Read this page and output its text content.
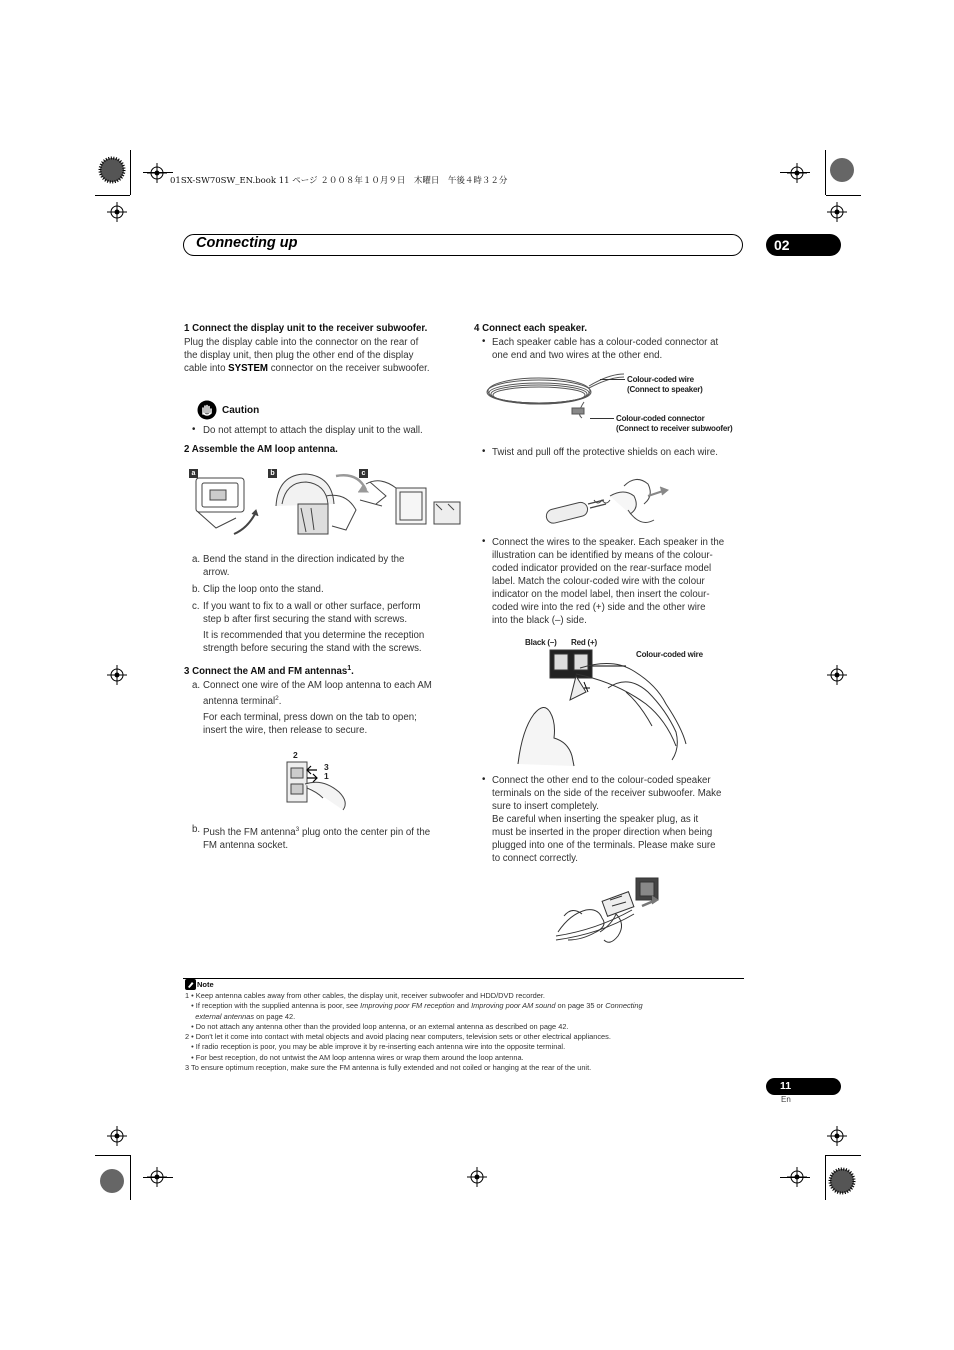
01SX-SW70SW_EN.book 11 ページ ２００８年１０月９日　木曜日　午後４時３２分
Connecting up	02
1 Connect the display unit to the receiver subwoofer.
Plug the display cable into the connector on the rear of
the display unit, then plug the other end of the display
cable into SYSTEM connector on the receiver subwoofer.
Caution
• Do not attempt to attach the display unit to the wall.
2 Assemble the AM loop antenna.
a	b	c
a. Bend the stand in the direction indicated by the
arrow.
b. Clip the loop onto the stand.
c. If you want to fix to a wall or other surface, perform
step b after first securing the stand with screws.
It is recommended that you determine the reception
strength before securing the stand with the screws.
3 Connect the AM and FM antennas$^1$.
a. Connect one wire of the AM loop antenna to each AM
antenna terminal$^2$.
For each terminal, press down on the tab to open;
insert the wire, then release to secure.
2
3
1
b. Push the FM antenna$^3$ plug onto the center pin of the
FM antenna socket.
4 Connect each speaker.
• Each speaker cable has a colour-coded connector at
one end and two wires at the other end.
Colour-coded wire
(Connect to speaker)
Colour-coded connector
(Connect to receiver subwoofer)
• Twist and pull off the protective shields on each wire.
• Connect the wires to the speaker. Each speaker in the
illustration can be identified by means of the colour-
coded indicator provided on the rear-surface model
label. Match the colour-coded wire with the colour
indicator on the model label, then insert the colour-
coded wire into the red (+) side and the other wire
into the black (–) side.
Black (–) Red (+)
Colour-coded wire
• Connect the other end to the colour-coded speaker
terminals on the side of the receiver subwoofer. Make
sure to insert completely.
Be careful when inserting the speaker plug, as it
must be inserted in the proper direction when being
plugged into one of the terminals. Please make sure
to connect correctly.
Note
1 • Keep antenna cables away from other cables, the display unit, receiver subwoofer and HDD/DVD recorder.
• If reception with the supplied antenna is poor, see Improving poor FM reception and Improving poor AM sound on page 35 or Connecting
external antennas on page 42.
• Do not attach any antenna other than the provided loop antenna, or an external antenna as described on page 42.
2 • Don't let it come into contact with metal objects and avoid placing near computers, television sets or other electrical appliances.
• If radio reception is poor, you may be able improve it by re-inserting each antenna wire into the opposite terminal.
• For best reception, do not untwist the AM loop antenna wires or wrap them around the loop antenna.
3 To ensure optimum reception, make sure the FM antenna is fully extended and not coiled or hanging at the rear of the unit.
11
En
